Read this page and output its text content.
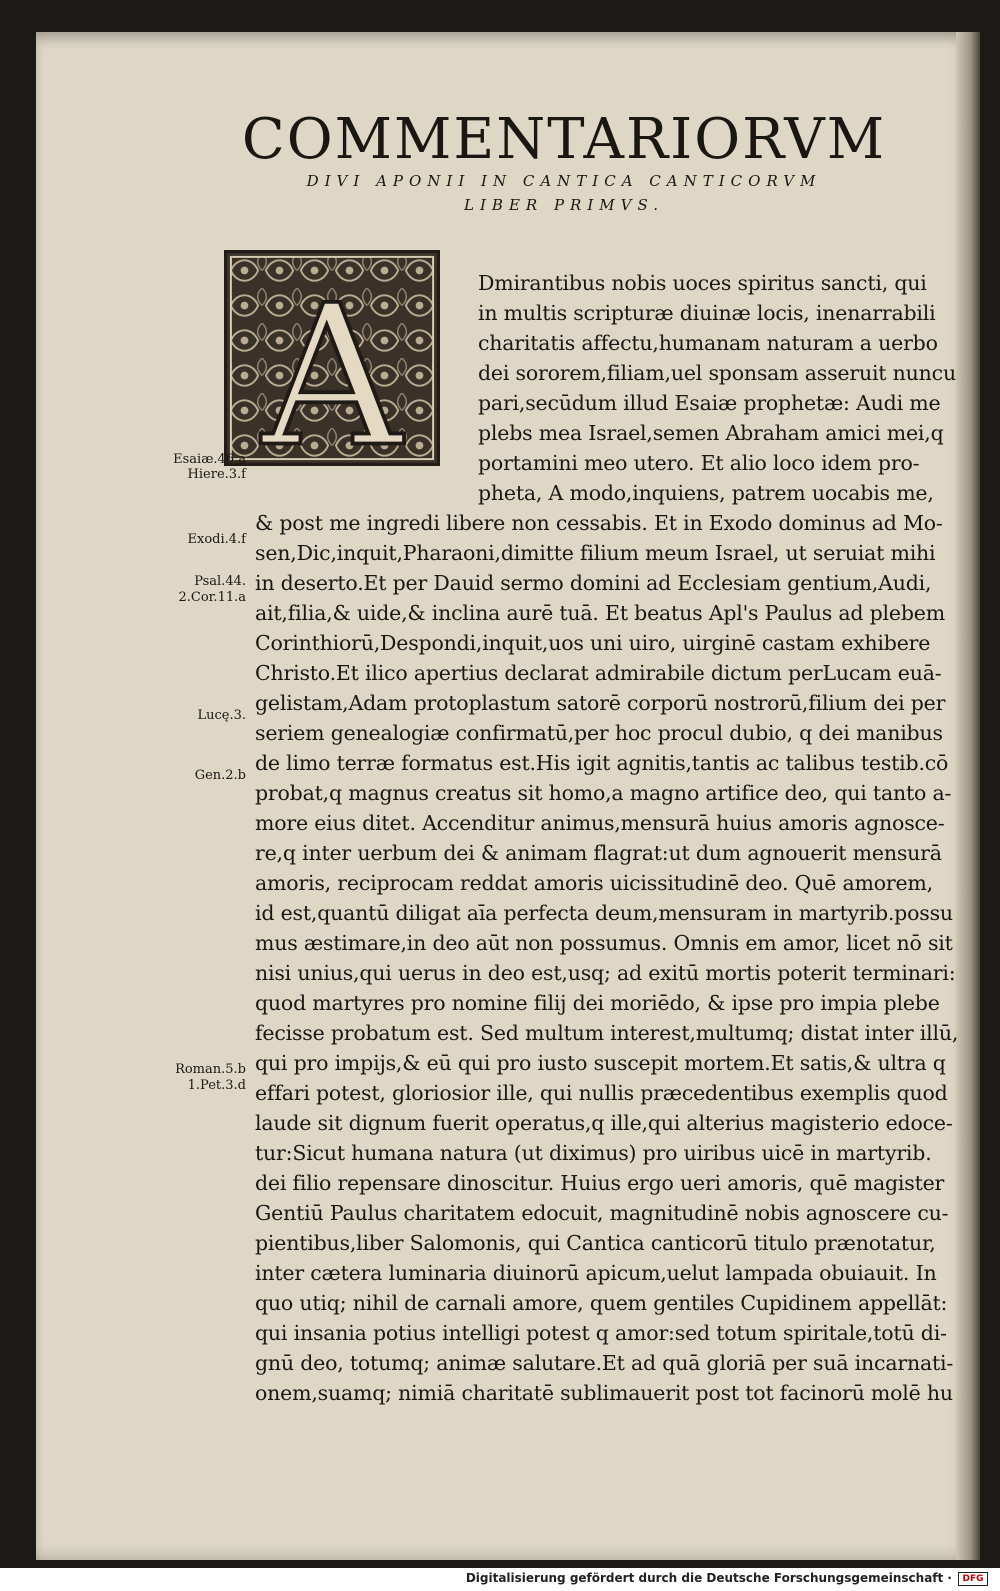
COMMENTARIORVM
DIVI APONII IN CANTICA CANTICORVM
LIBER PRIMVS.
A	Dmirantibus nobis uoces spiritus sancti, qui
in multis scripturæ diuinæ locis, inenarrabili
charitatis affectu,humanam naturam a uerbo
dei sororem,filiam,uel sponsam asseruit nuncu
pari,secūdum illud Esaiæ prophetæ: Audi me
plebs mea Israel,semen Abraham amici mei,q
portamini meo utero. Et alio loco idem pro-
pheta, A modo,inquiens, patrem uocabis me,
& post me ingredi libere non cessabis. Et in Exodo dominus ad Mo-
sen,Dic,inquit,Pharaoni,dimitte filium meum Israel, ut seruiat mihi
in deserto.Et per Dauid sermo domini ad Ecclesiam gentium,Audi,
ait,filia,& uide,& inclina aurē tuā. Et beatus Apl's Paulus ad plebem
Corinthiorū,Despondi,inquit,uos uni uiro, uirginē castam exhibere
Christo.Et ilico apertius declarat admirabile dictum perLucam euā-
gelistam,Adam protoplastum satorē corporū nostrorū,filium dei per
seriem genealogiæ confirmatū,per hoc procul dubio, q dei manibus
de limo terræ formatus est.His igit agnitis,tantis ac talibus testib.cō
probat,q magnus creatus sit homo,a magno artifice deo, qui tanto a-
more eius ditet. Accenditur animus,mensurā huius amoris agnosce-
re,q inter uerbum dei & animam flagrat:ut dum agnouerit mensurā
amoris, reciprocam reddat amoris uicissitudinē deo. Quē amorem,
id est,quantū diligat aīa perfecta deum,mensuram in martyrib.possu
mus æstimare,in deo aūt non possumus. Omnis em amor, licet nō sit
nisi unius,qui uerus in deo est,usq; ad exitū mortis poterit terminari:
quod martyres pro nomine filij dei moriēdo, & ipse pro impia plebe
fecisse probatum est. Sed multum interest,multumq; distat inter illū,
qui pro impijs,& eū qui pro iusto suscepit mortem.Et satis,& ultra q
effari potest, gloriosior ille, qui nullis præcedentibus exemplis quod
laude sit dignum fuerit operatus,q ille,qui alterius magisterio edoce-
tur:Sicut humana natura (ut diximus) pro uiribus uicē in martyrib.
dei filio repensare dinoscitur. Huius ergo ueri amoris, quē magister
Gentiū Paulus charitatem edocuit, magnitudinē nobis agnoscere cu-
pientibus,liber Salomonis, qui Cantica canticorū titulo prænotatur,
inter cætera luminaria diuinorū apicum,uelut lampada obuiauit. In
quo utiq; nihil de carnali amore, quem gentiles Cupidinem appellāt:
qui insania potius intelligi potest q amor:sed totum spiritale,totū di-
gnū deo, totumq; animæ salutare.Et ad quā gloriā per suā incarnati-
onem,suamq; nimiā charitatē sublimauerit post tot facinorū molē hu
Esaiæ.46.a
Hiere.3.f
Exodi.4.f
Psal.44.
2.Cor.11.a
Lucę.3.
Gen.2.b
Roman.5.b
1.Pet.3.d
Digitalisierung gefördert durch die Deutsche Forschungsgemeinschaft ·	DFG
